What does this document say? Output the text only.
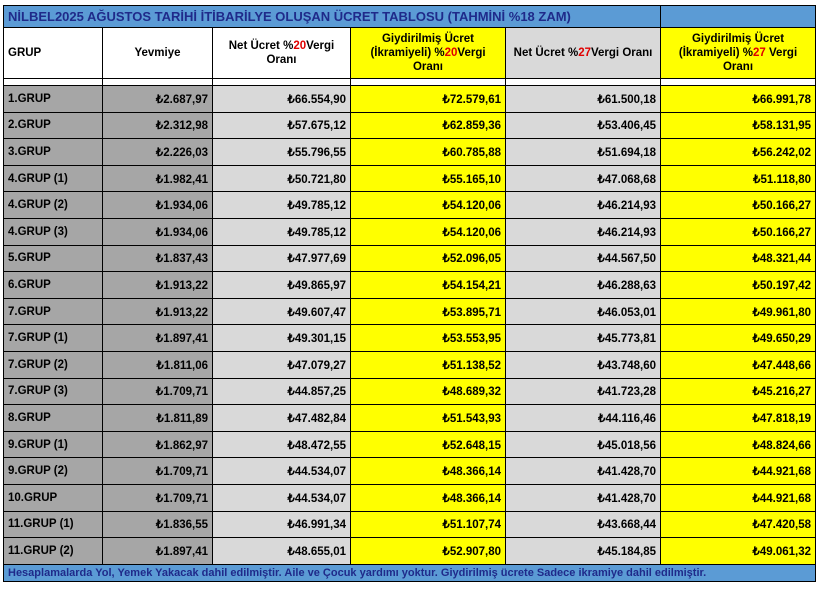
NİLBEL2025 AĞUSTOS TARİHİ İTİBARİLYE OLUŞAN ÜCRET TABLOSU (TAHMİNİ %18 ZAM)					
GRUP	Yevmiye	Net Ücret %20Vergi Oranı	Giydirilmiş Ücret (İkramiyeli) %20Vergi Oranı	Net Ücret %27Vergi Oranı	Giydirilmiş Ücret (İkramiyeli) %27 Vergi Oranı

1.GRUP	₺2.687,97	₺66.554,90	₺72.579,61	₺61.500,18	₺66.991,78
2.GRUP	₺2.312,98	₺57.675,12	₺62.859,36	₺53.406,45	₺58.131,95
3.GRUP	₺2.226,03	₺55.796,55	₺60.785,88	₺51.694,18	₺56.242,02
4.GRUP (1)	₺1.982,41	₺50.721,80	₺55.165,10	₺47.068,68	₺51.118,80
4.GRUP (2)	₺1.934,06	₺49.785,12	₺54.120,06	₺46.214,93	₺50.166,27
4.GRUP (3)	₺1.934,06	₺49.785,12	₺54.120,06	₺46.214,93	₺50.166,27
5.GRUP	₺1.837,43	₺47.977,69	₺52.096,05	₺44.567,50	₺48.321,44
6.GRUP	₺1.913,22	₺49.865,97	₺54.154,21	₺46.288,63	₺50.197,42
7.GRUP	₺1.913,22	₺49.607,47	₺53.895,71	₺46.053,01	₺49.961,80
7.GRUP (1)	₺1.897,41	₺49.301,15	₺53.553,95	₺45.773,81	₺49.650,29
7.GRUP (2)	₺1.811,06	₺47.079,27	₺51.138,52	₺43.748,60	₺47.448,66
7.GRUP (3)	₺1.709,71	₺44.857,25	₺48.689,32	₺41.723,28	₺45.216,27
8.GRUP	₺1.811,89	₺47.482,84	₺51.543,93	₺44.116,46	₺47.818,19
9.GRUP (1)	₺1.862,97	₺48.472,55	₺52.648,15	₺45.018,56	₺48.824,66
9.GRUP (2)	₺1.709,71	₺44.534,07	₺48.366,14	₺41.428,70	₺44.921,68
10.GRUP	₺1.709,71	₺44.534,07	₺48.366,14	₺41.428,70	₺44.921,68
11.GRUP (1)	₺1.836,55	₺46.991,34	₺51.107,74	₺43.668,44	₺47.420,58
11.GRUP (2)	₺1.897,41	₺48.655,01	₺52.907,80	₺45.184,85	₺49.061,32
Hesaplamalarda Yol, Yemek Yakacak dahil edilmiştir. Aile ve Çocuk yardımı yoktur. Giydirilmiş ücrete Sadece ikramiye dahil edilmiştir.					
